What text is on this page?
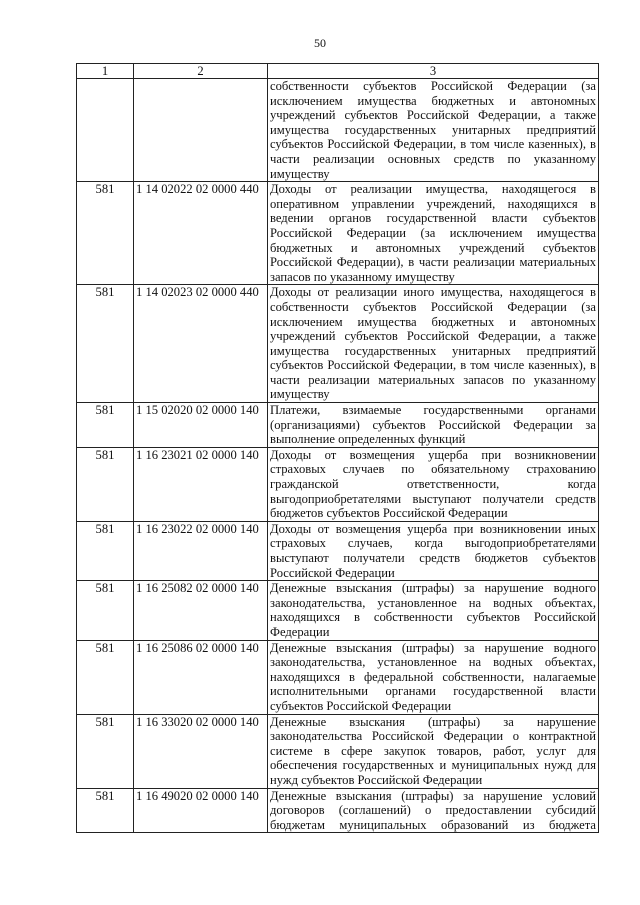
50
1	2	3
		собственности субъектов Российской Федерации (за исключением имущества бюджетных и автономных учреждений субъектов Российской Федерации, а также имущества государственных унитарных предприятий субъектов Российской Федерации, в том числе казенных), в части реализации основных средств по указанному имуществу
581	1 14 02022 02 0000 440	Доходы от реализации имущества, находящегося в оперативном управлении учреждений, находящихся в ведении органов государственной власти субъектов Российской Федерации (за исключением имущества бюджетных и автономных учреждений субъектов Российской Федерации), в части реализации материальных запасов по указанному имуществу
581	1 14 02023 02 0000 440	Доходы от реализации иного имущества, находящегося в собственности субъектов Российской Федерации (за исключением имущества бюджетных и автономных учреждений субъектов Российской Федерации, а также имущества государственных унитарных предприятий субъектов Российской Федерации, в том числе казенных), в части реализации материальных запасов по указанному имуществу
581	1 15 02020 02 0000 140	Платежи, взимаемые государственными органами (организациями) субъектов Российской Федерации за выполнение определенных функций
581	1 16 23021 02 0000 140	Доходы от возмещения ущерба при возникновении страховых случаев по обязательному страхованию гражданской ответственности, когда выгодоприобретателями выступают получатели средств бюджетов субъектов Российской Федерации
581	1 16 23022 02 0000 140	Доходы от возмещения ущерба при возникновении иных страховых случаев, когда выгодоприобретателями выступают получатели средств бюджетов субъектов Российской Федерации
581	1 16 25082 02 0000 140	Денежные взыскания (штрафы) за нарушение водного законодательства, установленное на водных объектах, находящихся в собственности субъектов Российской Федерации
581	1 16 25086 02 0000 140	Денежные взыскания (штрафы) за нарушение водного законодательства, установленное на водных объектах, находящихся в федеральной собственности, налагаемые исполнительными органами государственной власти субъектов Российской Федерации
581	1 16 33020 02 0000 140	Денежные взыскания (штрафы) за нарушение законодательства Российской Федерации о контрактной системе в сфере закупок товаров, работ, услуг для обеспечения государственных и муниципальных нужд для нужд субъектов Российской Федерации
581	1 16 49020 02 0000 140	Денежные взыскания (штрафы) за нарушение условий договоров (соглашений) о предоставлении субсидий бюджетам муниципальных образований из бюджета
